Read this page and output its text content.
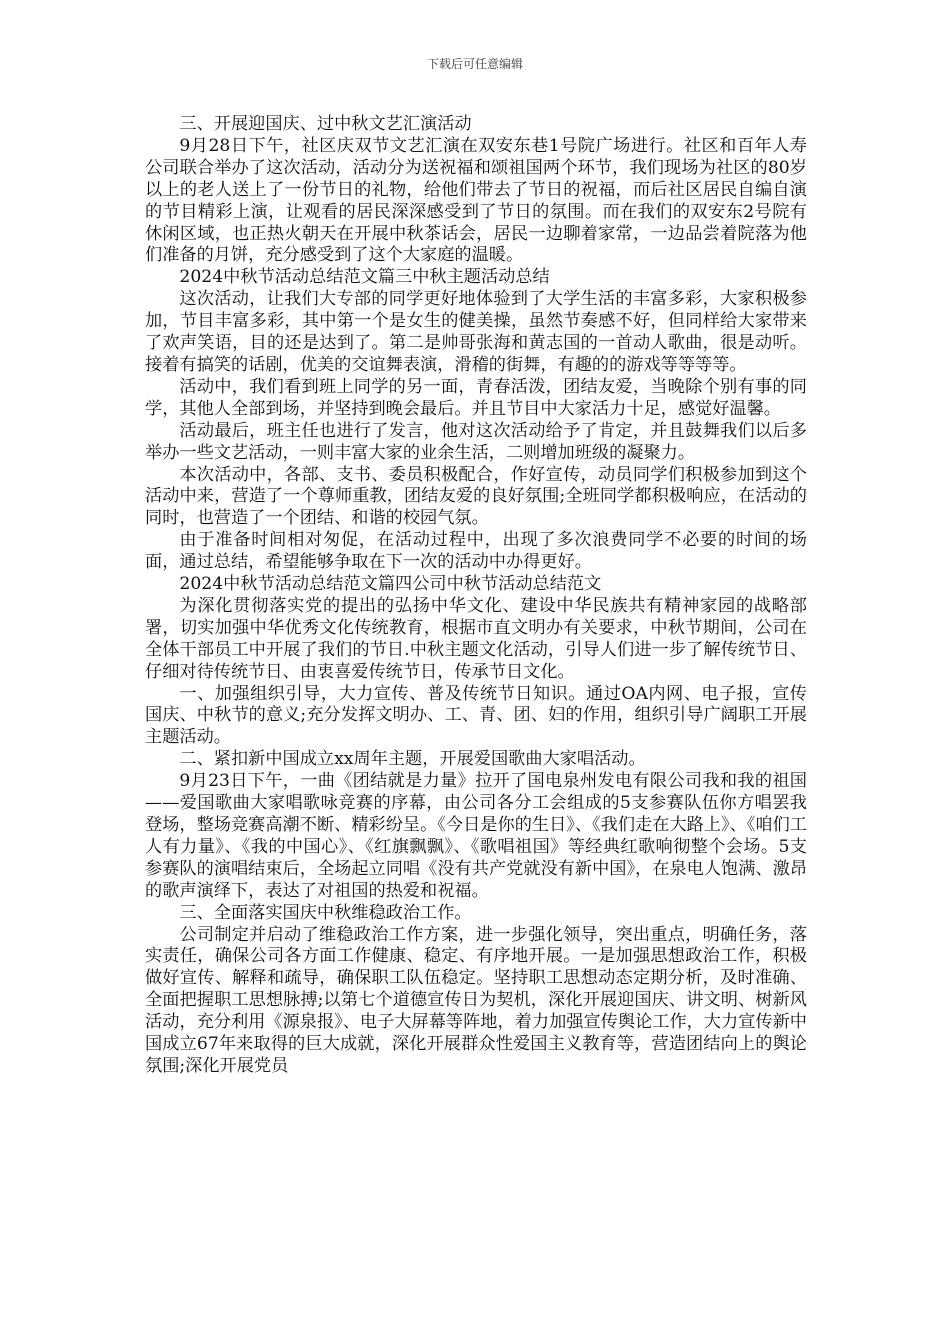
下载后可任意编辑

三、开展迎国庆、过中秋文艺汇演活动

9月28日下午，社区庆双节文艺汇演在双安东巷1号院广场进行。社区和百年人寿公司联合举办了这次活动，活动分为送祝福和颂祖国两个环节，我们现场为社区的80岁以上的老人送上了一份节日的礼物，给他们带去了节日的祝福，而后社区居民自编自演的节目精彩上演，让观看的居民深深感受到了节日的氛围。而在我们的双安东2号院有休闲区域，也正热火朝天在开展中秋茶话会，居民一边聊着家常，一边品尝着院落为他们准备的月饼，充分感受到了这个大家庭的温暖。

2024中秋节活动总结范文篇三中秋主题活动总结

这次活动，让我们大专部的同学更好地体验到了大学生活的丰富多彩，大家积极参加，节目丰富多彩，其中第一个是女生的健美操，虽然节奏感不好，但同样给大家带来了欢声笑语，目的还是达到了。第二是帅哥张海和黄志国的一首动人歌曲，很是动听。接着有搞笑的话剧，优美的交谊舞表演，滑稽的街舞，有趣的的游戏等等等等。

活动中，我们看到班上同学的另一面，青春活泼，团结友爱，当晚除个别有事的同学，其他人全部到场，并坚持到晚会最后。并且节目中大家活力十足，感觉好温馨。

活动最后，班主任也进行了发言，他对这次活动给予了肯定，并且鼓舞我们以后多举办一些文艺活动，一则丰富大家的业余生活，二则增加班级的凝聚力。

本次活动中，各部、支书、委员积极配合，作好宣传，动员同学们积极参加到这个活动中来，营造了一个尊师重教，团结友爱的良好氛围;全班同学都积极响应，在活动的同时，也营造了一个团结、和谐的校园气氛。

由于准备时间相对匆促，在活动过程中，出现了多次浪费同学不必要的时间的场面，通过总结，希望能够争取在下一次的活动中办得更好。

2024中秋节活动总结范文篇四公司中秋节活动总结范文

为深化贯彻落实党的提出的弘扬中华文化、建设中华民族共有精神家园的战略部署，切实加强中华优秀文化传统教育，根据市直文明办有关要求，中秋节期间，公司在全体干部员工中开展了我们的节日.中秋主题文化活动，引导人们进一步了解传统节日、仔细对待传统节日、由衷喜爱传统节日，传承节日文化。

一、加强组织引导，大力宣传、普及传统节日知识。通过OA内网、电子报，宣传国庆、中秋节的意义;充分发挥文明办、工、青、团、妇的作用，组织引导广阔职工开展主题活动。

二、紧扣新中国成立xx周年主题，开展爱国歌曲大家唱活动。

9月23日下午，一曲《团结就是力量》拉开了国电泉州发电有限公司我和我的祖国——爱国歌曲大家唱歌咏竞赛的序幕，由公司各分工会组成的5支参赛队伍你方唱罢我登场，整场竞赛高潮不断、精彩纷呈。《今日是你的生日》、《我们走在大路上》、《咱们工人有力量》、《我的中国心》、《红旗飘飘》、《歌唱祖国》等经典红歌响彻整个会场。5支参赛队的演唱结束后，全场起立同唱《没有共产党就没有新中国》，在泉电人饱满、激昂的歌声演绎下，表达了对祖国的热爱和祝福。

三、全面落实国庆中秋维稳政治工作。

公司制定并启动了维稳政治工作方案，进一步强化领导，突出重点，明确任务，落实责任，确保公司各方面工作健康、稳定、有序地开展。一是加强思想政治工作，积极做好宣传、解释和疏导，确保职工队伍稳定。坚持职工思想动态定期分析，及时准确、全面把握职工思想脉搏;以第七个道德宣传日为契机，深化开展迎国庆、讲文明、树新风活动，充分利用《源泉报》、电子大屏幕等阵地，着力加强宣传舆论工作，大力宣传新中国成立67年来取得的巨大成就，深化开展群众性爱国主义教育等，营造团结向上的舆论氛围;深化开展党员
